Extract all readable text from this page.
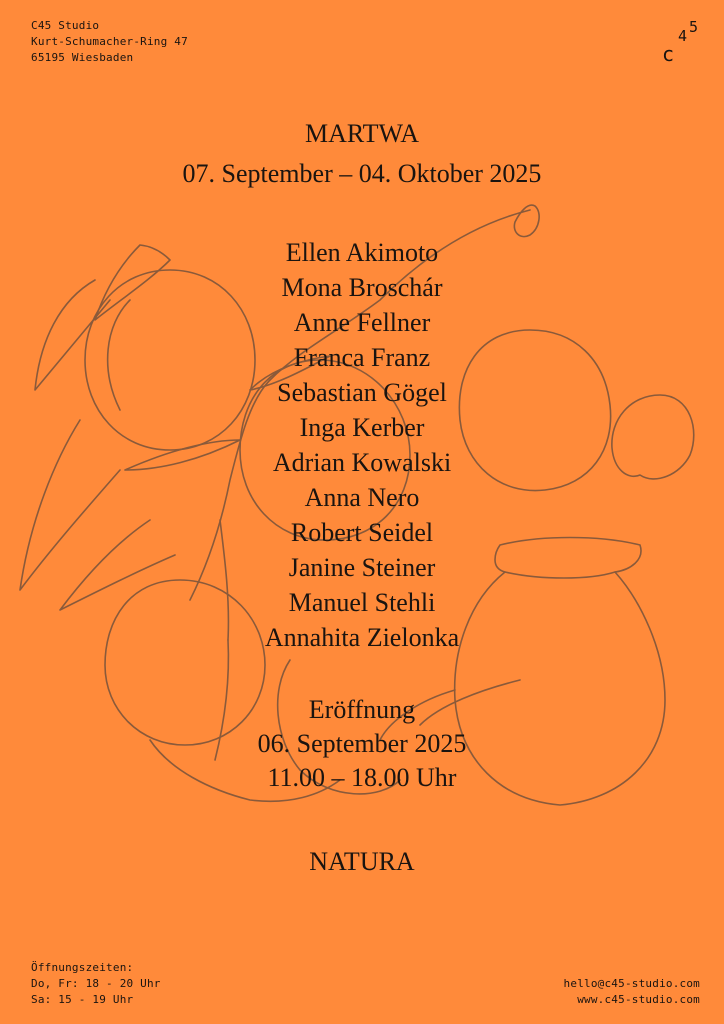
C45 Studio
Kurt-Schumacher-Ring 47
65195 Wiesbaden	c
4 5
MARTWA
07. September – 04. Oktober 2025
Ellen Akimoto
Mona Broschár
Anne Fellner
Franca Franz
Sebastian Gögel
Inga Kerber
Adrian Kowalski
Anna Nero
Robert Seidel
Janine Steiner
Manuel Stehli
Annahita Zielonka
Eröffnung
06. September 2025
11.00 – 18.00 Uhr
NATURA
Öffnungszeiten:
Do, Fr: 18 - 20 Uhr
Sa: 15 - 19 Uhr
hello@c45-studio.com
www.c45-studio.com
